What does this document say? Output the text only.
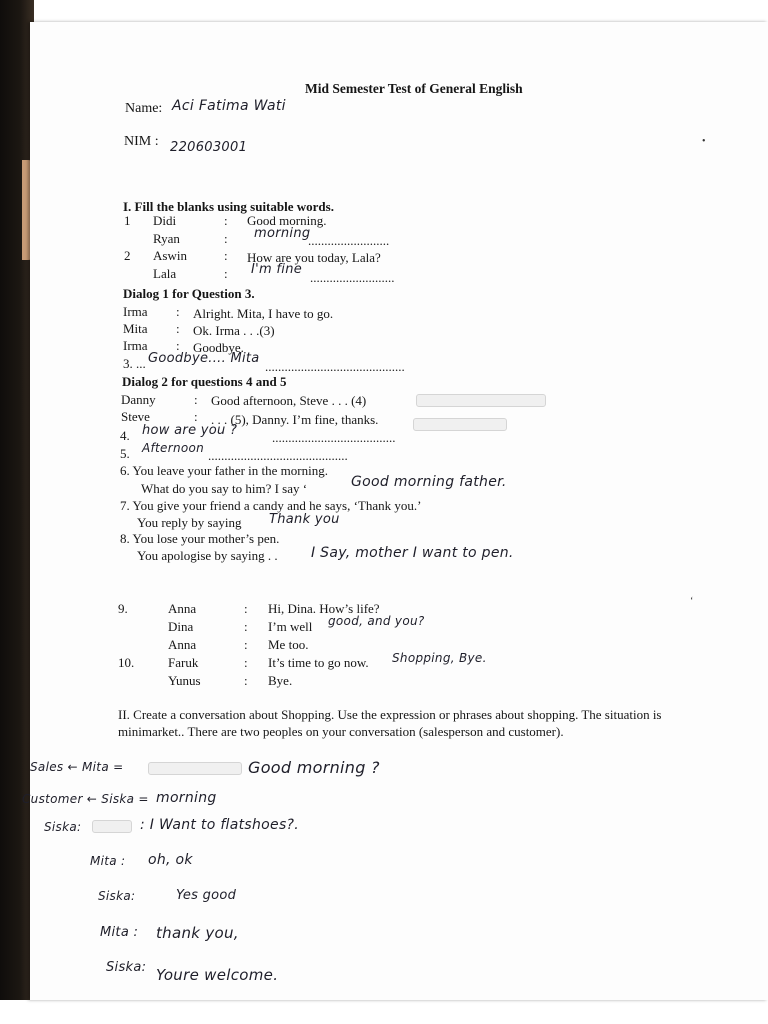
Mid Semester Test of General English
Name: Aci Fatima Wati
NIM : 220603001	•
I. Fill the blanks using suitable words.
1 Didi	: Good morning.
Ryan	: morning
.........................
2 Aswin	: How are you today, Lala?
Lala	: I'm fine
..........................
Dialog 1 for Question 3.
Irma : Alright. Mita, I have to go.
Mita : Ok. Irma . . .(3)
Irma : Goodbye.
3. ... Goodbye.... Mita
...........................................
Dialog 2 for questions 4 and 5
Danny	: Good afternoon, Steve . . . (4)
Steve	: . . . (5), Danny. I’m fine, thanks.
4. how are you ?	......................................
5. Afternoon ...........................................
6. You leave your father in the morning.
What do you say to him? I say ‘	Good morning father.
7. You give your friend a candy and he says, ‘Thank you.’
You reply by saying Thank you
8. You lose your mother’s pen.
You apologise by saying . . I Say, mother I want to pen.
9.	Anna	: Hi, Dina. How’s life?
Dina	: I’m well good, and you?
Anna	: Me too.
10.	Faruk	: It’s time to go now. Shopping, Bye.
Yunus	: Bye.
ʻ
II. Create a conversation about Shopping. Use the expression or phrases about shopping. The situation is minimarket.. There are two peoples on your conversation (salesperson and customer).
Sales ← Mita =	Good morning ?
Customer ← Siska = morning
Siska:	: I Want to flatshoes?.
Mita : oh, ok
Siska:	Yes good
Mita : thank you,
Siska: Youre welcome.
